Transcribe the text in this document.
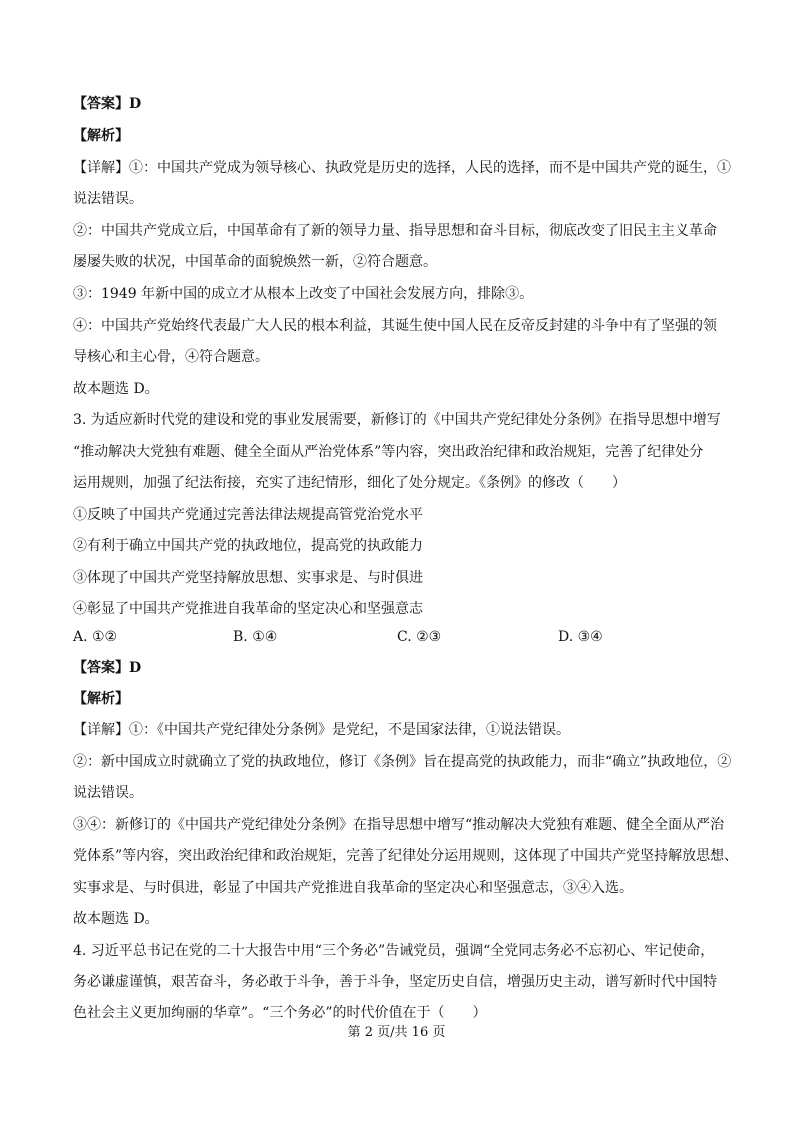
【答案】D
【解析】
【详解】①：中国共产党成为领导核心、执政党是历史的选择，人民的选择，而不是中国共产党的诞生，①
说法错误。
②：中国共产党成立后，中国革命有了新的领导力量、指导思想和奋斗目标，彻底改变了旧民主主义革命
屡屡失败的状况，中国革命的面貌焕然一新，②符合题意。
③：1949 年新中国的成立才从根本上改变了中国社会发展方向，排除③。
④：中国共产党始终代表最广大人民的根本利益，其诞生使中国人民在反帝反封建的斗争中有了坚强的领
导核心和主心骨，④符合题意。
故本题选 D。
3. 为适应新时代党的建设和党的事业发展需要，新修订的《中国共产党纪律处分条例》在指导思想中增写
“推动解决大党独有难题、健全全面从严治党体系”等内容，突出政治纪律和政治规矩，完善了纪律处分
运用规则，加强了纪法衔接，充实了违纪情形，细化了处分规定。《条例》的修改（　　）
①反映了中国共产党通过完善法律法规提高管党治党水平
②有利于确立中国共产党的执政地位，提高党的执政能力
③体现了中国共产党坚持解放思想、实事求是、与时俱进
④彰显了中国共产党推进自我革命的坚定决心和坚强意志
A. ①②	B. ①④	C. ②③	D. ③④
【答案】D
【解析】
【详解】①：《中国共产党纪律处分条例》是党纪，不是国家法律，①说法错误。
②：新中国成立时就确立了党的执政地位，修订《条例》旨在提高党的执政能力，而非“确立”执政地位，②
说法错误。
③④：新修订的《中国共产党纪律处分条例》在指导思想中增写“推动解决大党独有难题、健全全面从严治
党体系”等内容，突出政治纪律和政治规矩，完善了纪律处分运用规则，这体现了中国共产党坚持解放思想、
实事求是、与时俱进，彰显了中国共产党推进自我革命的坚定决心和坚强意志，③④入选。
故本题选 D。
4. 习近平总书记在党的二十大报告中用“三个务必”告诫党员，强调“全党同志务必不忘初心、牢记使命，
务必谦虚谨慎，艰苦奋斗，务必敢于斗争，善于斗争，坚定历史自信，增强历史主动，谱写新时代中国特
色社会主义更加绚丽的华章”。“三个务必”的时代价值在于（　　）
第 2 页/共 16 页
